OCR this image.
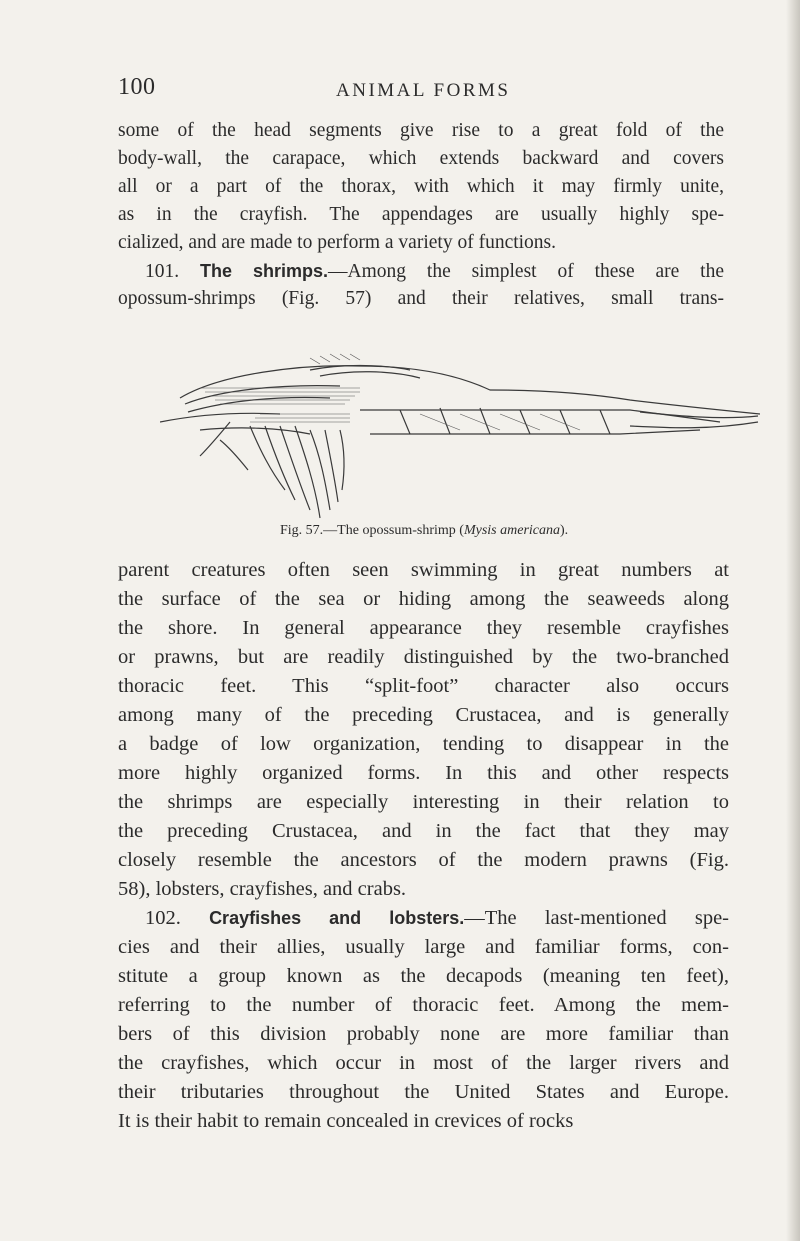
100	ANIMAL FORMS
some of the head segments give rise to a great fold of the
body-wall, the carapace, which extends backward and covers
all or a part of the thorax, with which it may firmly unite,
as in the crayfish. The appendages are usually highly spe-
cialized, and are made to perform a variety of functions.
101. The shrimps.—Among the simplest of these are the
opossum-shrimps (Fig. 57) and their relatives, small trans-
Fig. 57.—The opossum-shrimp (Mysis americana).
parent creatures often seen swimming in great numbers at
the surface of the sea or hiding among the seaweeds along
the shore. In general appearance they resemble crayfishes
or prawns, but are readily distinguished by the two-branched
thoracic feet. This “split-foot” character also occurs
among many of the preceding Crustacea, and is generally
a badge of low organization, tending to disappear in the
more highly organized forms. In this and other respects
the shrimps are especially interesting in their relation to
the preceding Crustacea, and in the fact that they may
closely resemble the ancestors of the modern prawns (Fig.
58), lobsters, crayfishes, and crabs.
102. Crayfishes and lobsters.—The last-mentioned spe-
cies and their allies, usually large and familiar forms, con-
stitute a group known as the decapods (meaning ten feet),
referring to the number of thoracic feet. Among the mem-
bers of this division probably none are more familiar than
the crayfishes, which occur in most of the larger rivers and
their tributaries throughout the United States and Europe.
It is their habit to remain concealed in crevices of rocks
